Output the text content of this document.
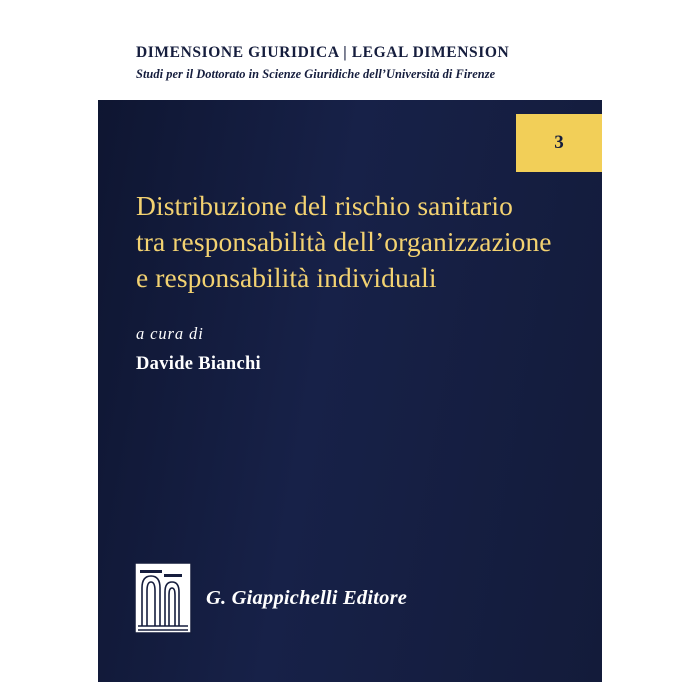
DIMENSIONE GIURIDICA | LEGAL DIMENSION
Studi per il Dottorato in Scienze Giuridiche dell’Università di Firenze
3
Distribuzione del rischio sanitario
tra responsabilità dell’organizzazione
e responsabilità individuali
a cura di
Davide Bianchi
G. Giappichelli Editore
